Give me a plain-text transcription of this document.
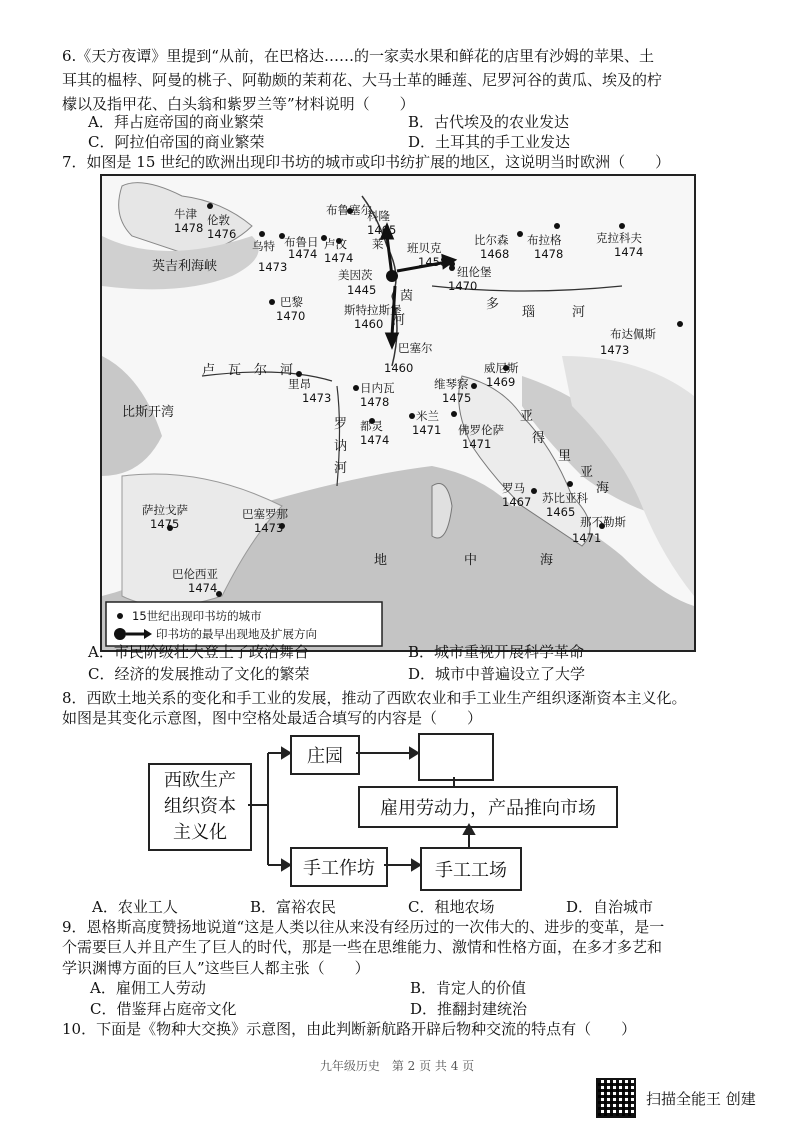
6.《天方夜谭》里提到“从前，在巴格达……的一家卖水果和鲜花的店里有沙姆的苹果、土
耳其的榅桲、阿曼的桃子、阿勒颇的茉莉花、大马士革的睡莲、尼罗河谷的黄瓜、埃及的柠
檬以及指甲花、白头翁和紫罗兰等”材料说明（　　）
A．拜占庭帝国的商业繁荣	B．古代埃及的农业发达
C．阿拉伯帝国的商业繁荣	D．土耳其的手工业发达
7．如图是 15 世纪的欧洲出现印书坊的城市或印书纺扩展的地区，这说明当时欧洲（　　）
牛津
1478
伦敦
1476
布鲁塞尔
科隆
1465
布鲁日
1474
乌特
1473
卢汶
1474
莱
美因茨
1445
班贝克
1458
比尔森
1468
布拉格
1478
克拉科夫
1474
纽伦堡
1470
巴黎
1470	斯特拉斯堡
1460
巴塞尔
1460
布达佩斯
1473
威尼斯
1469
维琴察
1475
里昂
1473
日内瓦
1478
米兰
1471
都灵
1474
佛罗伦萨
1471
罗马
1467 苏比亚科
1465
那不勒斯
1471
萨拉戈萨
1475
巴塞罗那
1473
巴伦西亚
1474
英吉利海峡
比斯开湾
卢　瓦　尔　河
茵
河
多
瑙	河
罗
讷
河
地	中	海
亚
得
里
亚
海
15世纪出现印书坊的城市
印书坊的最早出现地及扩展方向
A．市民阶级壮大登上了政治舞台	B．城市重视开展科学革命
C．经济的发展推动了文化的繁荣	D．城市中普遍设立了大学
8．西欧土地关系的变化和手工业的发展，推动了西欧农业和手工业生产组织逐渐资本主义化。
如图是其变化示意图，图中空格处最适合填写的内容是（　　）
西欧生产组织资本主义化
庄园
雇用劳动力，产品推向市场
手工作坊	手工工场
A．农业工人	B．富裕农民	C．租地农场	D．自治城市
9．恩格斯高度赞扬地说道“这是人类以往从来没有经历过的一次伟大的、进步的变革，是一
个需要巨人并且产生了巨人的时代，那是一些在思维能力、激情和性格方面，在多才多艺和
学识渊博方面的巨人”这些巨人都主张（　　）
A．雇佣工人劳动	B．肯定人的价值
C．借鉴拜占庭帝文化	D．推翻封建统治
10．下面是《物种大交换》示意图，由此判断新航路开辟后物种交流的特点有（　　）
九年级历史　第 2 页 共 4 页
扫描全能王 创建
